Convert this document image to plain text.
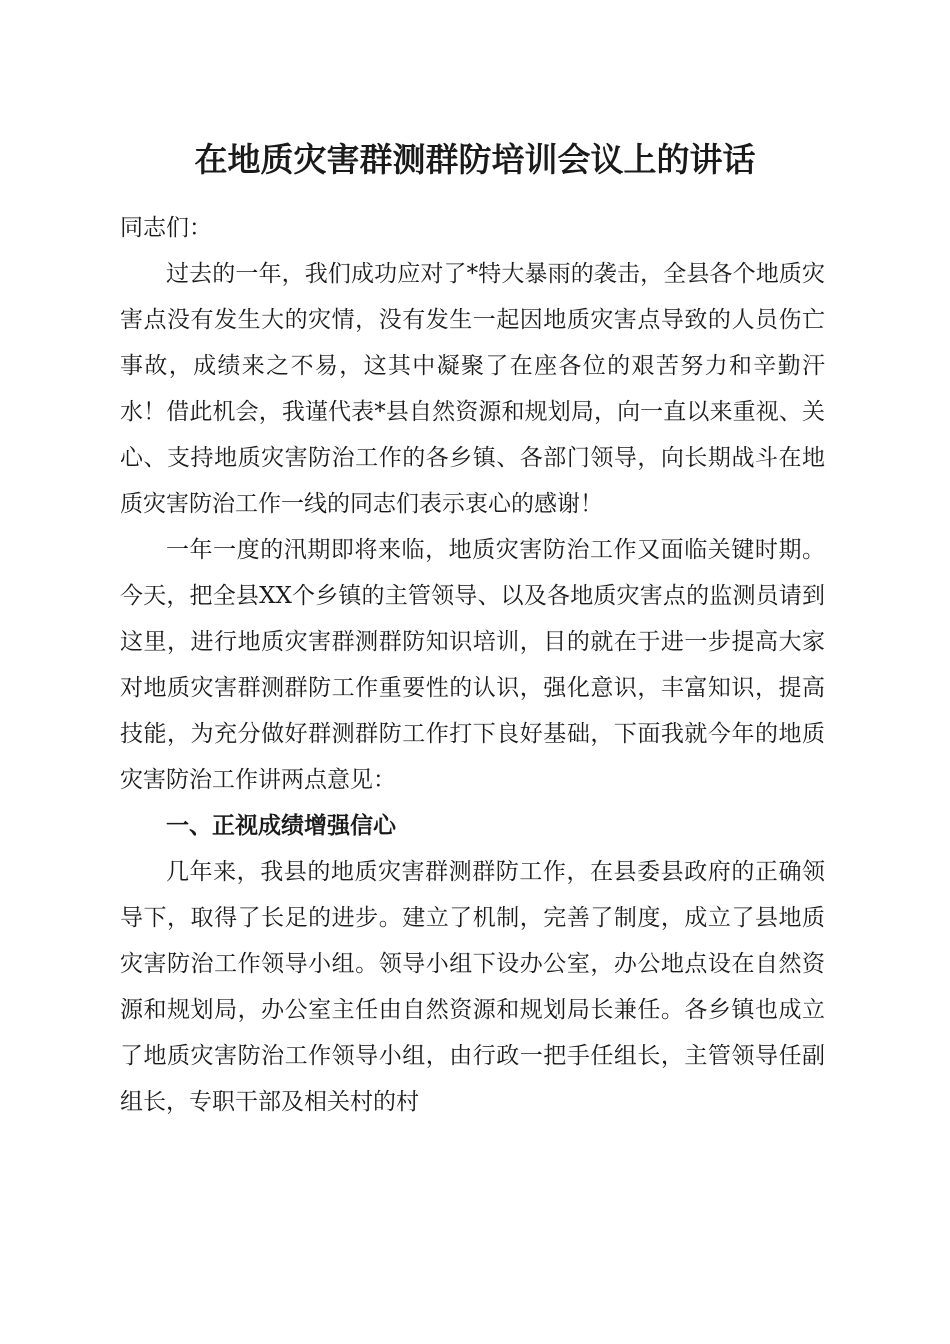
在地质灾害群测群防培训会议上的讲话

同志们：

过去的一年，我们成功应对了*特大暴雨的袭击，全县各个地质灾害点没有发生大的灾情，没有发生一起因地质灾害点导致的人员伤亡事故，成绩来之不易，这其中凝聚了在座各位的艰苦努力和辛勤汗水！借此机会，我谨代表*县自然资源和规划局，向一直以来重视、关心、支持地质灾害防治工作的各乡镇、各部门领导，向长期战斗在地质灾害防治工作一线的同志们表示衷心的感谢！

一年一度的汛期即将来临，地质灾害防治工作又面临关键时期。今天，把全县XX个乡镇的主管领导、以及各地质灾害点的监测员请到这里，进行地质灾害群测群防知识培训，目的就在于进一步提高大家对地质灾害群测群防工作重要性的认识，强化意识，丰富知识，提高技能，为充分做好群测群防工作打下良好基础，下面我就今年的地质灾害防治工作讲两点意见：

一、正视成绩增强信心

几年来，我县的地质灾害群测群防工作，在县委县政府的正确领导下，取得了长足的进步。建立了机制，完善了制度，成立了县地质灾害防治工作领导小组。领导小组下设办公室，办公地点设在自然资源和规划局，办公室主任由自然资源和规划局长兼任。各乡镇也成立了地质灾害防治工作领导小组，由行政一把手任组长，主管领导任副组长，专职干部及相关村的村
